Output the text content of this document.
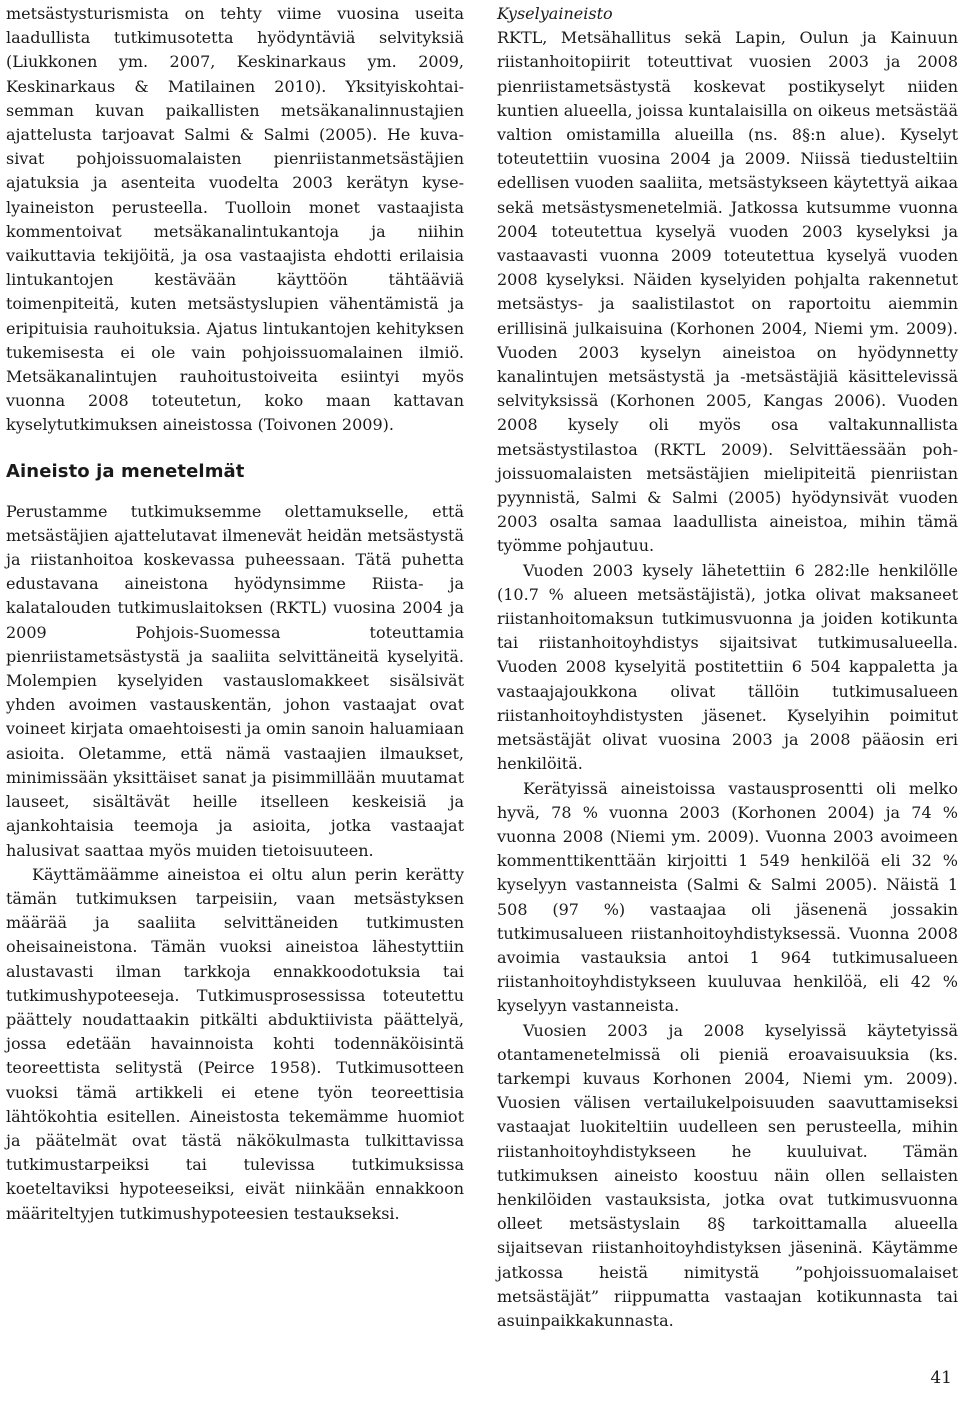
metsästysturismista on tehty viime vuosina useita laadullista tutkimusotetta hyödyntäviä selvityksiä (Liukkonen ym. 2007, Keskinarkaus ym. 2009, Keskinarkaus & Matilainen 2010). Yksityiskohtaisemman kuvan paikallisten metsäkanalinnustajien ajattelusta tarjoavat Salmi & Salmi (2005). He kuvasivat pohjoissuomalaisten pienriistanmetsästäjien ajatuksia ja asenteita vuodelta 2003 kerätyn kyselyaineiston perusteella. Tuolloin monet vastaajista kommentoivat metsäkanalintukantoja ja niihin vaikuttavia tekijöitä, ja osa vastaajista ehdotti erilaisia lintukantojen kestävään käyttöön tähtääviä toimenpiteitä, kuten metsästyslupien vähentämistä ja eripituisia rauhoituksia. Ajatus lintukantojen kehityksen tukemisesta ei ole vain pohjoissuomalainen ilmiö. Metsäkanalintujen rauhoitustoiveita esiintyi myös vuonna 2008 toteutetun, koko maan kattavan kyselytutkimuksen aineistossa (Toivonen 2009).

Aineisto ja menetelmät

Perustamme tutkimuksemme olettamukselle, että metsästäjien ajattelutavat ilmenevät heidän metsästystä ja riistanhoitoa koskevassa puheessaan. Tätä puhetta edustavana aineistona hyödynsimme Riista- ja kalatalouden tutkimuslaitoksen (RKTL) vuosina 2004 ja 2009 Pohjois-Suomessa toteuttamia pienriistametsästystä ja saaliita selvittäneitä kyselyitä. Molempien kyselyiden vastauslomakkeet sisälsivät yhden avoimen vastauskentän, johon vastaajat ovat voineet kirjata omaehtoisesti ja omin sanoin haluamiaan asioita. Oletamme, että nämä vastaajien ilmaukset, minimissään yksittäiset sanat ja pisimmillään muutamat lauseet, sisältävät heille itselleen keskeisiä ja ajankohtaisia teemoja ja asioita, jotka vastaajat halusivat saattaa myös muiden tietoisuuteen.

Käyttämäämme aineistoa ei oltu alun perin kerätty tämän tutkimuksen tarpeisiin, vaan metsästyksen määrää ja saaliita selvittäneiden tutkimusten oheisaineistona. Tämän vuoksi aineistoa lähestyttiin alustavasti ilman tarkkoja ennakkoodotuksia tai tutkimushypoteeseja. Tutkimusprosessissa toteutettu päättely noudattaakin pitkälti abduktiivista päättelyä, jossa edetään havainnoista kohti todennäköisintä teoreettista selitystä (Peirce 1958). Tutkimusotteen vuoksi tämä artikkeli ei etene työn teoreettisia lähtökohtia esitellen. Aineistosta tekemämme huomiot ja päätelmät ovat tästä näkökulmasta tulkittavissa tutkimustarpeiksi tai tulevissa tutkimuksissa koeteltaviksi hypoteeseiksi, eivät niinkään ennakkoon määriteltyjen tutkimushypoteesien testaukseksi.

Kyselyaineisto

RKTL, Metsähallitus sekä Lapin, Oulun ja Kainuun riistanhoitopiirit toteuttivat vuosien 2003 ja 2008 pienriistametsästystä koskevat postikyselyt niiden kuntien alueella, joissa kuntalaisilla on oikeus metsästää valtion omistamilla alueilla (ns. 8§:n alue). Kyselyt toteutettiin vuosina 2004 ja 2009. Niissä tiedusteltiin edellisen vuoden saaliita, metsästykseen käytettyä aikaa sekä metsästysmenetelmiä. Jatkossa kutsumme vuonna 2004 toteutettua kyselyä vuoden 2003 kyselyksi ja vastaavasti vuonna 2009 toteutettua kyselyä vuoden 2008 kyselyksi. Näiden kyselyiden pohjalta rakennetut metsästys- ja saalistilastot on raportoitu aiemmin erillisinä julkaisuina (Korhonen 2004, Niemi ym. 2009). Vuoden 2003 kyselyn aineistoa on hyödynnetty kanalintujen metsästystä ja -metsästäjiä käsittelevissä selvityksissä (Korhonen 2005, Kangas 2006). Vuoden 2008 kysely oli myös osa valtakunnallista metsästystilastoa (RKTL 2009). Selvittäessään pohjoissuomalaisten metsästäjien mielipiteitä pienriistan pyynnistä, Salmi & Salmi (2005) hyödynsivät vuoden 2003 osalta samaa laadullista aineistoa, mihin tämä työmme pohjautuu.

Vuoden 2003 kysely lähetettiin 6 282:lle henkilölle (10.7 % alueen metsästäjistä), jotka olivat maksaneet riistanhoitomaksun tutkimusvuonna ja joiden kotikunta tai riistanhoitoyhdistys sijaitsivat tutkimusalueella. Vuoden 2008 kyselyitä postitettiin 6 504 kappaletta ja vastaajajoukkona olivat tällöin tutkimusalueen riistanhoitoyhdistysten jäsenet. Kyselyihin poimitut metsästäjät olivat vuosina 2003 ja 2008 pääosin eri henkilöitä.

Kerätyissä aineistoissa vastausprosentti oli melko hyvä, 78 % vuonna 2003 (Korhonen 2004) ja 74 % vuonna 2008 (Niemi ym. 2009). Vuonna 2003 avoimeen kommenttikenttään kirjoitti 1 549 henkilöä eli 32 % kyselyyn vastanneista (Salmi & Salmi 2005). Näistä 1 508 (97 %) vastaajaa oli jäsenenä jossakin tutkimusalueen riistanhoitoyhdistyksessä. Vuonna 2008 avoimia vastauksia antoi 1 964 tutkimusalueen riistanhoitoyhdistykseen kuuluvaa henkilöä, eli 42 % kyselyyn vastanneista.

Vuosien 2003 ja 2008 kyselyissä käytetyissä otantamenetelmissä oli pieniä eroavaisuuksia (ks. tarkempi kuvaus Korhonen 2004, Niemi ym. 2009). Vuosien välisen vertailukelpoisuuden saavuttamiseksi vastaajat luokiteltiin uudelleen sen perusteella, mihin riistanhoitoyhdistykseen he kuuluivat. Tämän tutkimuksen aineisto koostuu näin ollen sellaisten henkilöiden vastauksista, jotka ovat tutkimusvuonna olleet metsästyslain 8§ tarkoittamalla alueella sijaitsevan riistanhoitoyhdistyksen jäseninä. Käytämme jatkossa heistä nimitystä ”pohjoissuomalaiset metsästäjät” riippumatta vastaajan kotikunnasta tai asuinpaikkakunnasta.

41
